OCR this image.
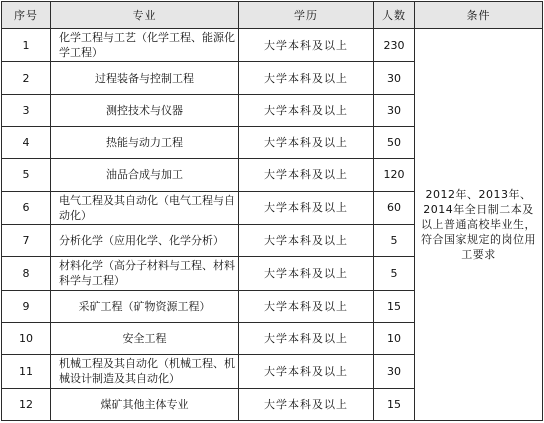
序号	专业	学历	人数	条件
1	化学工程与工艺（化学工程、能源化学工程）	大学本科及以上	230	2012年、2013年、2014年全日制二本及以上普通高校毕业生，符合国家规定的岗位用工要求
2	过程装备与控制工程	大学本科及以上	30	
3	测控技术与仪器	大学本科及以上	30	
4	热能与动力工程	大学本科及以上	50	
5	油品合成与加工	大学本科及以上	120	
6	电气工程及其自动化（电气工程与自动化）	大学本科及以上	60	
7	分析化学（应用化学、化学分析）	大学本科及以上	5	
8	材料化学（高分子材料与工程、材料科学与工程）	大学本科及以上	5	
9	采矿工程（矿物资源工程）	大学本科及以上	15	
10	安全工程	大学本科及以上	10	
11	机械工程及其自动化（机械工程、机械设计制造及其自动化）	大学本科及以上	30	
12	煤矿其他主体专业	大学本科及以上	15	
